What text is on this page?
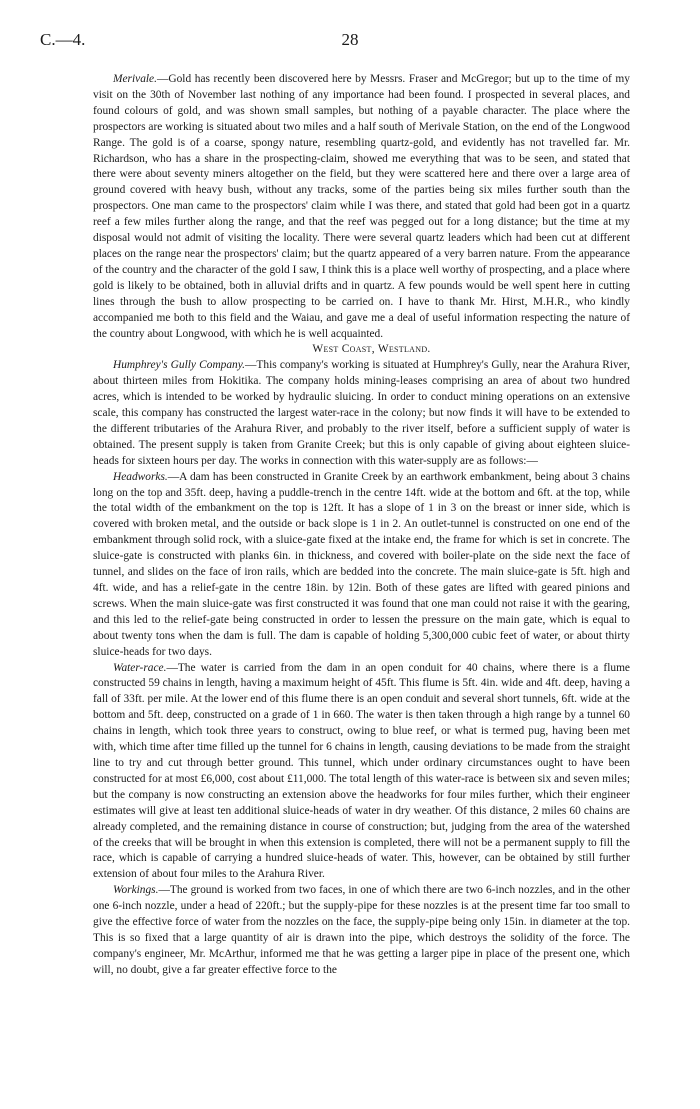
C.—4.	28

Merivale.—Gold has recently been discovered here by Messrs. Fraser and McGregor; but up to the time of my visit on the 30th of November last nothing of any importance had been found. I prospected in several places, and found colours of gold, and was shown small samples, but nothing of a payable character. The place where the prospectors are working is situated about two miles and a half south of Merivale Station, on the end of the Longwood Range. The gold is of a coarse, spongy nature, resembling quartz-gold, and evidently has not travelled far. Mr. Richardson, who has a share in the prospecting-claim, showed me everything that was to be seen, and stated that there were about seventy miners altogether on the field, but they were scattered here and there over a large area of ground covered with heavy bush, without any tracks, some of the parties being six miles further south than the prospectors. One man came to the prospectors' claim while I was there, and stated that gold had been got in a quartz reef a few miles further along the range, and that the reef was pegged out for a long distance; but the time at my disposal would not admit of visiting the locality. There were several quartz leaders which had been cut at different places on the range near the prospectors' claim; but the quartz appeared of a very barren nature. From the appearance of the country and the character of the gold I saw, I think this is a place well worthy of prospecting, and a place where gold is likely to be obtained, both in alluvial drifts and in quartz. A few pounds would be well spent here in cutting lines through the bush to allow prospecting to be carried on. I have to thank Mr. Hirst, M.H.R., who kindly accompanied me both to this field and the Waiau, and gave me a deal of useful information respecting the nature of the country about Longwood, with which he is well acquainted.

West Coast, Westland.

Humphrey's Gully Company.—This company's working is situated at Humphrey's Gully, near the Arahura River, about thirteen miles from Hokitika. The company holds mining-leases comprising an area of about two hundred acres, which is intended to be worked by hydraulic sluicing. In order to conduct mining operations on an extensive scale, this company has constructed the largest water-race in the colony; but now finds it will have to be extended to the different tributaries of the Arahura River, and probably to the river itself, before a sufficient supply of water is obtained. The present supply is taken from Granite Creek; but this is only capable of giving about eighteen sluice-heads for sixteen hours per day. The works in connection with this water-supply are as follows:—

Headworks.—A dam has been constructed in Granite Creek by an earthwork embankment, being about 3 chains long on the top and 35ft. deep, having a puddle-trench in the centre 14ft. wide at the bottom and 6ft. at the top, while the total width of the embankment on the top is 12ft. It has a slope of 1 in 3 on the breast or inner side, which is covered with broken metal, and the outside or back slope is 1 in 2. An outlet-tunnel is constructed on one end of the embankment through solid rock, with a sluice-gate fixed at the intake end, the frame for which is set in concrete. The sluice-gate is constructed with planks 6in. in thickness, and covered with boiler-plate on the side next the face of tunnel, and slides on the face of iron rails, which are bedded into the concrete. The main sluice-gate is 5ft. high and 4ft. wide, and has a relief-gate in the centre 18in. by 12in. Both of these gates are lifted with geared pinions and screws. When the main sluice-gate was first constructed it was found that one man could not raise it with the gearing, and this led to the relief-gate being constructed in order to lessen the pressure on the main gate, which is equal to about twenty tons when the dam is full. The dam is capable of holding 5,300,000 cubic feet of water, or about thirty sluice-heads for two days.

Water-race.—The water is carried from the dam in an open conduit for 40 chains, where there is a flume constructed 59 chains in length, having a maximum height of 45ft. This flume is 5ft. 4in. wide and 4ft. deep, having a fall of 33ft. per mile. At the lower end of this flume there is an open conduit and several short tunnels, 6ft. wide at the bottom and 5ft. deep, constructed on a grade of 1 in 660. The water is then taken through a high range by a tunnel 60 chains in length, which took three years to construct, owing to blue reef, or what is termed pug, having been met with, which time after time filled up the tunnel for 6 chains in length, causing deviations to be made from the straight line to try and cut through better ground. This tunnel, which under ordinary circumstances ought to have been constructed for at most £6,000, cost about £11,000. The total length of this water-race is between six and seven miles; but the company is now constructing an extension above the headworks for four miles further, which their engineer estimates will give at least ten additional sluice-heads of water in dry weather. Of this distance, 2 miles 60 chains are already completed, and the remaining distance in course of construction; but, judging from the area of the watershed of the creeks that will be brought in when this extension is completed, there will not be a permanent supply to fill the race, which is capable of carrying a hundred sluice-heads of water. This, however, can be obtained by still further extension of about four miles to the Arahura River.

Workings.—The ground is worked from two faces, in one of which there are two 6-inch nozzles, and in the other one 6-inch nozzle, under a head of 220ft.; but the supply-pipe for these nozzles is at the present time far too small to give the effective force of water from the nozzles on the face, the supply-pipe being only 15in. in diameter at the top. This is so fixed that a large quantity of air is drawn into the pipe, which destroys the solidity of the force. The company's engineer, Mr. McArthur, informed me that he was getting a larger pipe in place of the present one, which will, no doubt, give a far greater effective force to the
